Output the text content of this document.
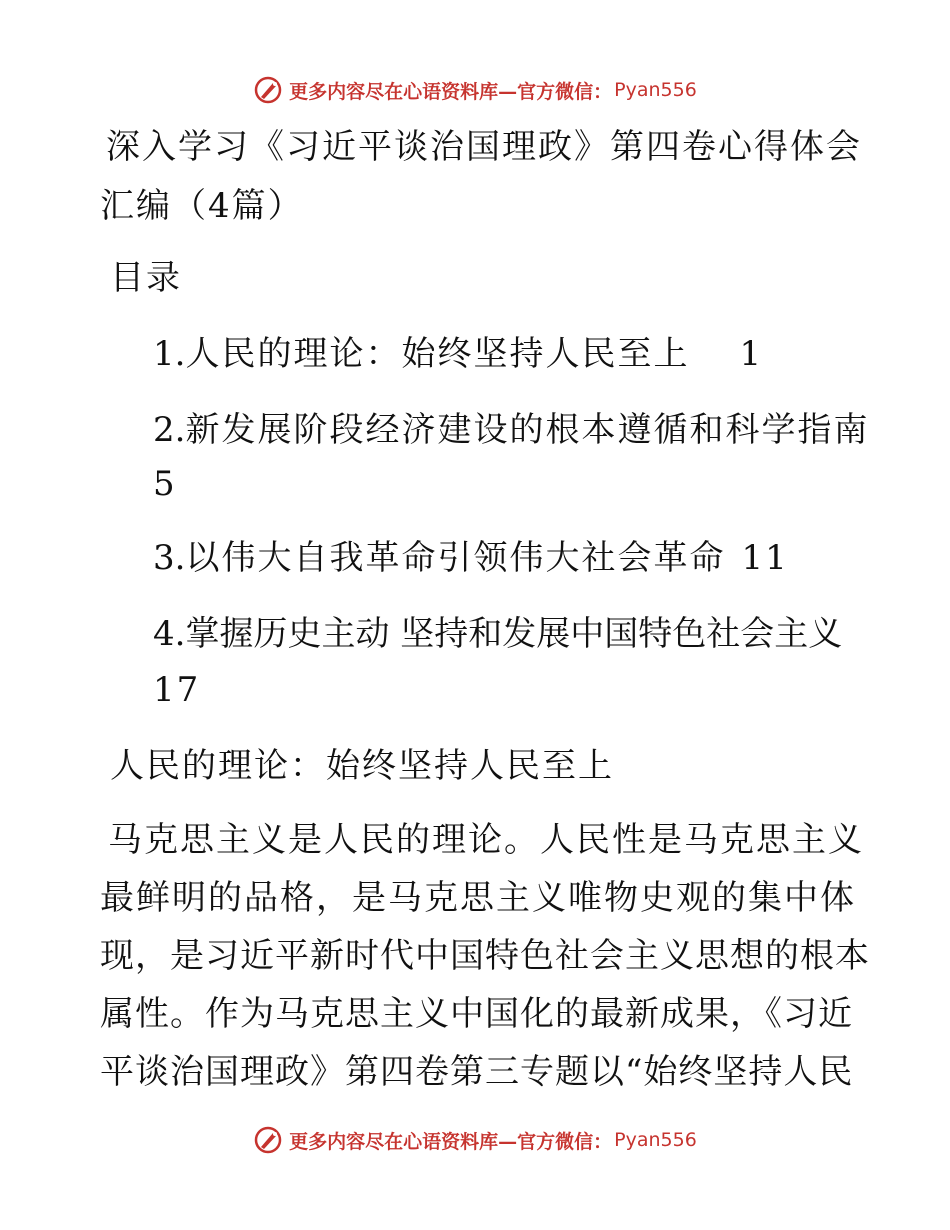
更多内容尽在心语资料库—官方微信： Pyan556
深入学习《习近平谈治国理政》第四卷心得体会
汇编（4篇）
目录
1.人民的理论：始终坚持人民至上 1
2.新发展阶段经济建设的根本遵循和科学指南
5
3.以伟大自我革命引领伟大社会革命 11
4.掌握历史主动 坚持和发展中国特色社会主义
17
人民的理论：始终坚持人民至上
马克思主义是人民的理论。人民性是马克思主义
最鲜明的品格，是马克思主义唯物史观的集中体
现，是习近平新时代中国特色社会主义思想的根本
属性。作为马克思主义中国化的最新成果，《习近
平谈治国理政》第四卷第三专题以“始终坚持人民
更多内容尽在心语资料库—官方微信： Pyan556
